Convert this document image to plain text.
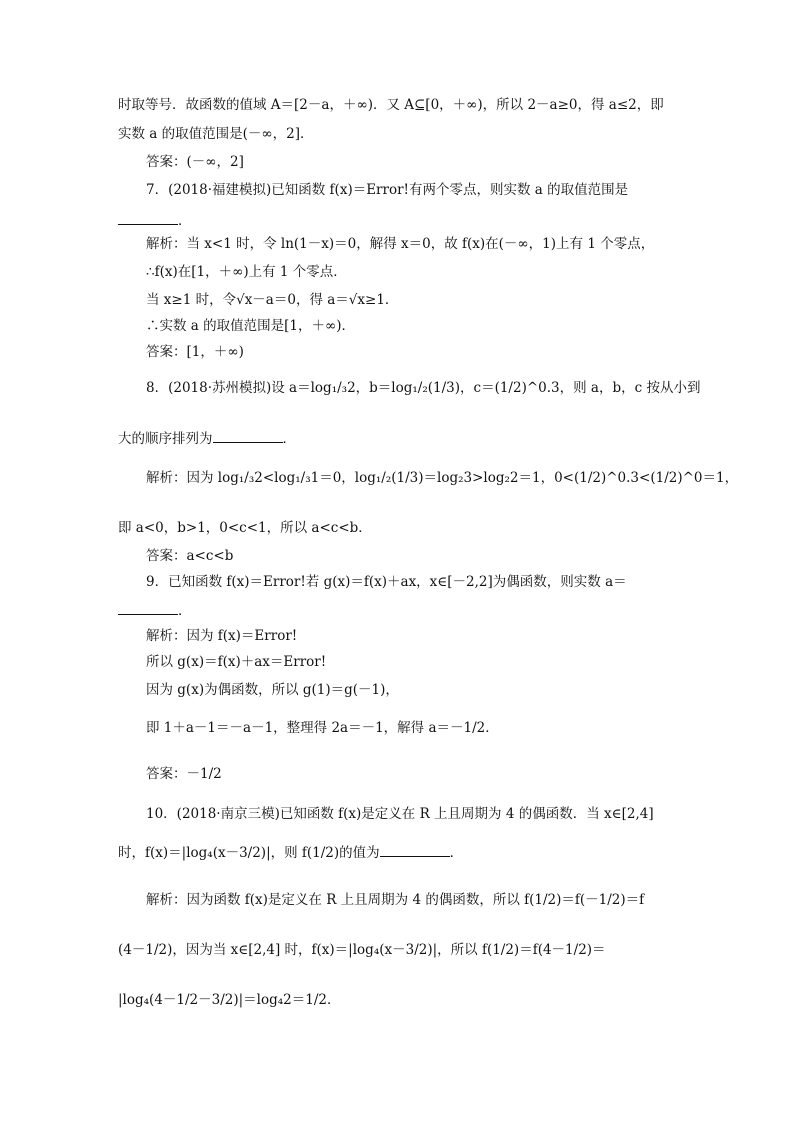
时取等号．故函数的值域 A＝[2－a，＋∞)．又 A⊆[0，＋∞)，所以 2－a≥0，得 a≤2，即
实数 a 的取值范围是(－∞，2]．
答案：(－∞，2]
7．(2018·福建模拟)已知函数 f(x)＝Error!有两个零点，则实数 a 的取值范围是
．
解析：当 x<1 时，令 ln(1－x)＝0，解得 x＝0，故 f(x)在(－∞，1)上有 1 个零点，
∴f(x)在[1，＋∞)上有 1 个零点．
当 x≥1 时，令√x－a＝0，得 a＝√x≥1．
∴实数 a 的取值范围是[1，＋∞)．
答案：[1，＋∞)
8．(2018·苏州模拟)设 a＝log₁/₃2，b＝log₁/₂(1/3)，c＝(1/2)^0.3，则 a，b，c 按从小到
大的顺序排列为	．
解析：因为 log₁/₃2<log₁/₃1＝0，log₁/₂(1/3)＝log₂3>log₂2＝1，0<(1/2)^0.3<(1/2)^0＝1，
即 a<0，b>1，0<c<1，所以 a<c<b．
答案：a<c<b
9．已知函数 f(x)＝Error!若 g(x)＝f(x)＋ax，x∈[－2,2]为偶函数，则实数 a＝
．
解析：因为 f(x)＝Error!
所以 g(x)＝f(x)＋ax＝Error!
因为 g(x)为偶函数，所以 g(1)＝g(－1)，
即 1＋a－1＝－a－1，整理得 2a＝－1，解得 a＝－1/2．
答案：－1/2
10．(2018·南京三模)已知函数 f(x)是定义在 R 上且周期为 4 的偶函数．当 x∈[2,4]
时，f(x)＝|log₄(x－3/2)|，则 f(1/2)的值为	．
解析：因为函数 f(x)是定义在 R 上且周期为 4 的偶函数，所以 f(1/2)＝f(－1/2)＝f
(4－1/2)，因为当 x∈[2,4] 时，f(x)＝|log₄(x－3/2)|，所以 f(1/2)＝f(4－1/2)＝
|log₄(4－1/2－3/2)|＝log₄2＝1/2．
